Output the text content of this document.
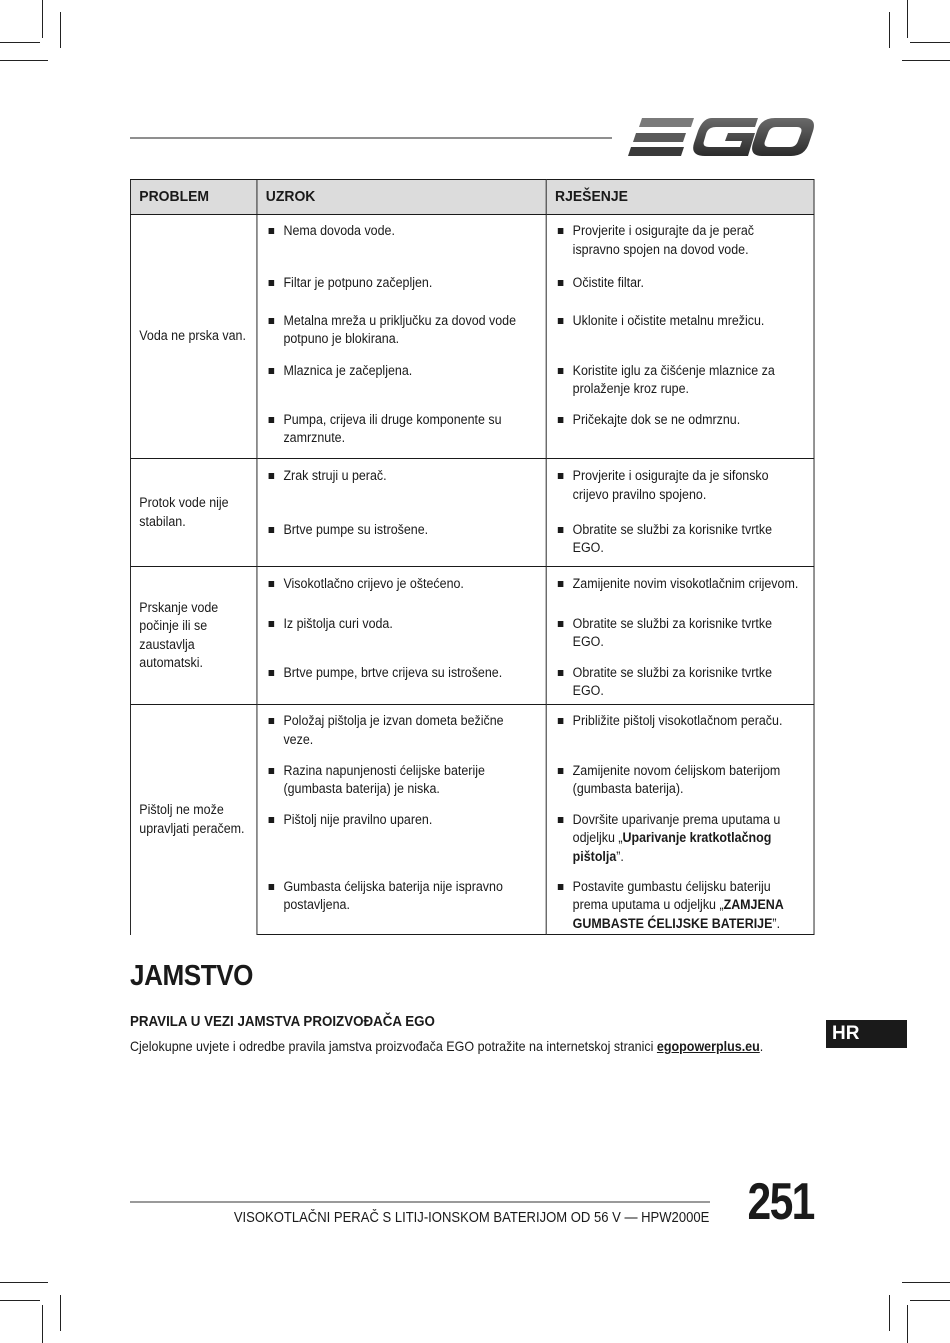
PROBLEM	UZROK	RJEŠENJE
Voda ne prska van.	Nema dovoda vode.	Provjerite i osigurajte da je perač ispravno spojen na dovod vode.

	Filtar je potpuno začepljen.	Očistite filtar.

	Metalna mreža u priključku za dovod vode potpuno je blokirana.	Uklonite i očistite metalnu mrežicu.

	Mlaznica je začepljena.	Koristite iglu za čišćenje mlaznice za prolaženje kroz rupe.

	Pumpa, crijeva ili druge komponente su zamrznute.	Pričekajte dok se ne odmrznu.

Protok vode nije stabilan.	Zrak struji u perač.	Provjerite i osigurajte da je sifonsko crijevo pravilno spojeno.

	Brtve pumpe su istrošene.	Obratite se službi za korisnike tvrtke EGO.

Prskanje vode počinje ili se zaustavlja automatski.	Visokotlačno crijevo je oštećeno.	Zamijenite novim visokotlačnim crijevom.

	Iz pištolja curi voda.	Obratite se službi za korisnike tvrtke EGO.

	Brtve pumpe, brtve crijeva su istrošene.	Obratite se službi za korisnike tvrtke EGO.

Pištolj ne može upravljati peračem.	Položaj pištolja je izvan dometa bežične veze.	Približite pištolj visokotlačnom peraču.

	Razina napunjenosti ćelijske baterije (gumbasta baterija) je niska.	Zamijenite novom ćelijskom baterijom (gumbasta baterija).

	Pištolj nije pravilno uparen.	Dovršite uparivanje prema uputama u odjeljku „Uparivanje kratkotlačnog pištolja”.

	Gumbasta ćelijska baterija nije ispravno postavljena.	Postavite gumbastu ćelijsku bateriju prema uputama u odjeljku „ZAMJENA GUMBASTE ĆELIJSKE BATERIJE”.
JAMSTVO
PRAVILA U VEZI JAMSTVA PROIZVOĐAČA EGO
Cjelokupne uvjete i odredbe pravila jamstva proizvođača EGO potražite na internetskoj stranici egopowerplus.eu.
HR
VISOKOTLAČNI PERAČ S LITIJ-IONSKOM BATERIJOM OD 56 V — HPW2000E 251
